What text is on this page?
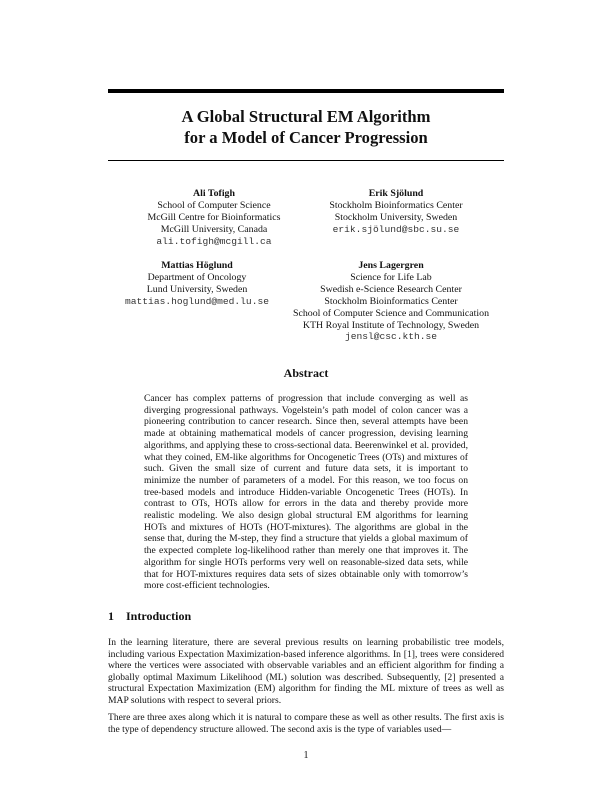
A Global Structural EM Algorithm
for a Model of Cancer Progression
Ali Tofigh
School of Computer Science
McGill Centre for Bioinformatics
McGill University, Canada
ali.tofigh@mcgill.ca
Erik Sjölund
Stockholm Bioinformatics Center
Stockholm University, Sweden
erik.sjölund@sbc.su.se
Mattias Höglund
Department of Oncology
Lund University, Sweden
mattias.hoglund@med.lu.se
Jens Lagergren
Science for Life Lab
Swedish e-Science Research Center
Stockholm Bioinformatics Center
School of Computer Science and Communication
KTH Royal Institute of Technology, Sweden
jensl@csc.kth.se
Abstract
Cancer has complex patterns of progression that include converging as well as diverging progressional pathways. Vogelstein’s path model of colon cancer was a pioneering contribution to cancer research. Since then, several attempts have been made at obtaining mathematical models of cancer progression, devising learning algorithms, and applying these to cross-sectional data. Beerenwinkel et al. provided, what they coined, EM-like algorithms for Oncogenetic Trees (OTs) and mixtures of such. Given the small size of current and future data sets, it is important to minimize the number of parameters of a model. For this reason, we too focus on tree-based models and introduce Hidden-variable Oncogenetic Trees (HOTs). In contrast to OTs, HOTs allow for errors in the data and thereby provide more realistic modeling. We also design global structural EM algorithms for learning HOTs and mixtures of HOTs (HOT-mixtures). The algorithms are global in the sense that, during the M-step, they find a structure that yields a global maximum of the expected complete log-likelihood rather than merely one that improves it. The algorithm for single HOTs performs very well on reasonable-sized data sets, while that for HOT-mixtures requires data sets of sizes obtainable only with tomorrow’s more cost-efficient technologies.
1 Introduction
In the learning literature, there are several previous results on learning probabilistic tree models, including various Expectation Maximization-based inference algorithms. In [1], trees were considered where the vertices were associated with observable variables and an efficient algorithm for finding a globally optimal Maximum Likelihood (ML) solution was described. Subsequently, [2] presented a structural Expectation Maximization (EM) algorithm for finding the ML mixture of trees as well as MAP solutions with respect to several priors.
There are three axes along which it is natural to compare these as well as other results. The first axis is the type of dependency structure allowed. The second axis is the type of variables used—
1
